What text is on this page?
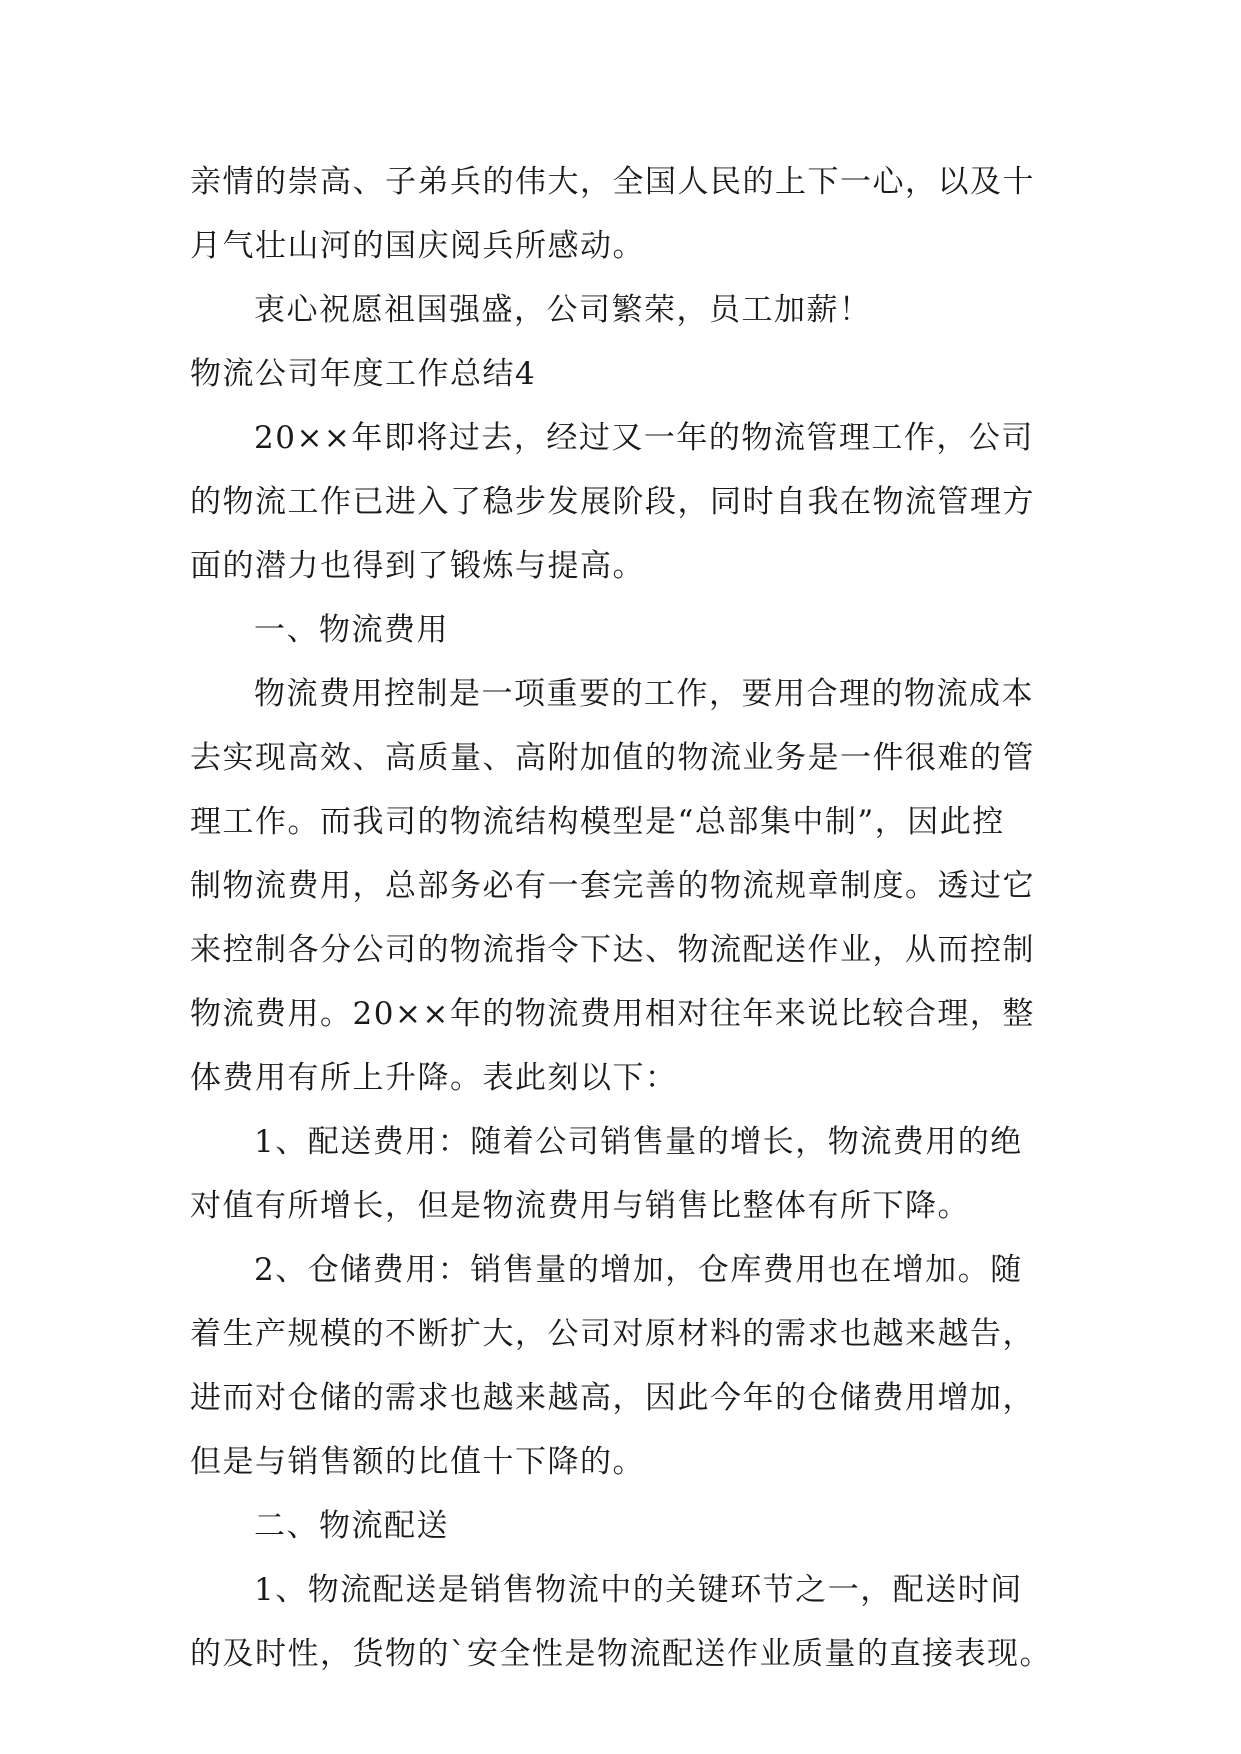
亲情的崇高、子弟兵的伟大，全国人民的上下一心，以及十
月气壮山河的国庆阅兵所感动。
衷心祝愿祖国强盛，公司繁荣，员工加薪！
物流公司年度工作总结4
20××年即将过去，经过又一年的物流管理工作，公司
的物流工作已进入了稳步发展阶段，同时自我在物流管理方
面的潜力也得到了锻炼与提高。
一、物流费用
物流费用控制是一项重要的工作，要用合理的物流成本
去实现高效、高质量、高附加值的物流业务是一件很难的管
理工作。而我司的物流结构模型是“总部集中制”，因此控
制物流费用，总部务必有一套完善的物流规章制度。透过它
来控制各分公司的物流指令下达、物流配送作业，从而控制
物流费用。20××年的物流费用相对往年来说比较合理，整
体费用有所上升降。表此刻以下：
1、配送费用：随着公司销售量的增长，物流费用的绝
对值有所增长，但是物流费用与销售比整体有所下降。
2、仓储费用：销售量的增加，仓库费用也在增加。随
着生产规模的不断扩大，公司对原材料的需求也越来越告，
进而对仓储的需求也越来越高，因此今年的仓储费用增加，
但是与销售额的比值十下降的。
二、物流配送
1、物流配送是销售物流中的关键环节之一，配送时间
的及时性，货物的`安全性是物流配送作业质量的直接表现。
